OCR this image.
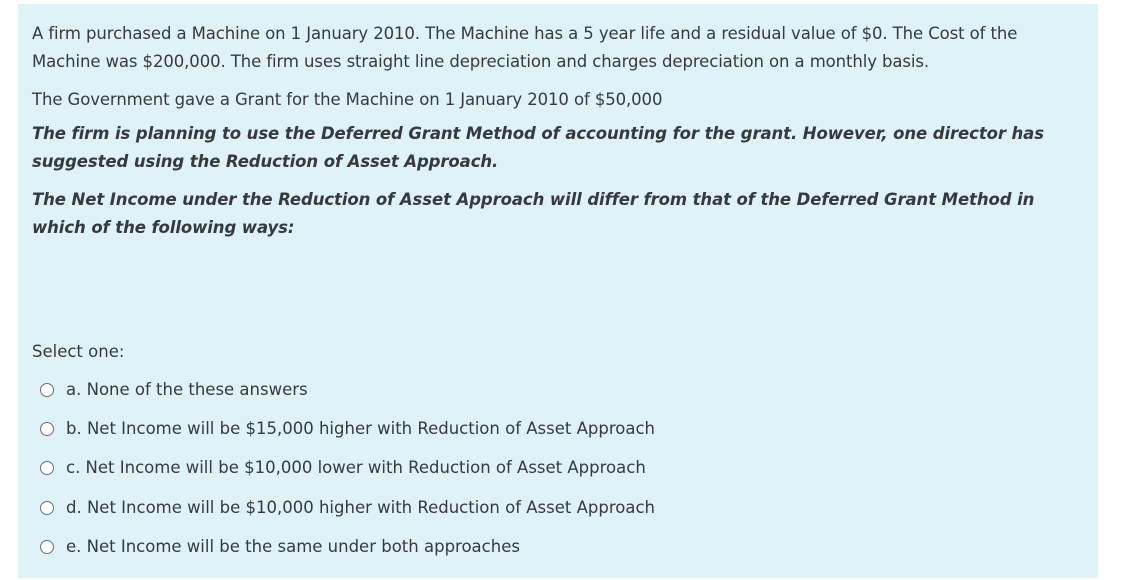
A firm purchased a Machine on 1 January 2010. The Machine has a 5 year life and a residual value of $0. The Cost of the Machine was $200,000. The firm uses straight line depreciation and charges depreciation on a monthly basis.

The Government gave a Grant for the Machine on 1 January 2010 of $50,000

The firm is planning to use the Deferred Grant Method of accounting for the grant. However, one director has suggested using the Reduction of Asset Approach.

The Net Income under the Reduction of Asset Approach will differ from that of the Deferred Grant Method in which of the following ways:

Select one:
a. None of the these answers
b. Net Income will be $15,000 higher with Reduction of Asset Approach
c. Net Income will be $10,000 lower with Reduction of Asset Approach
d. Net Income will be $10,000 higher with Reduction of Asset Approach
e. Net Income will be the same under both approaches
